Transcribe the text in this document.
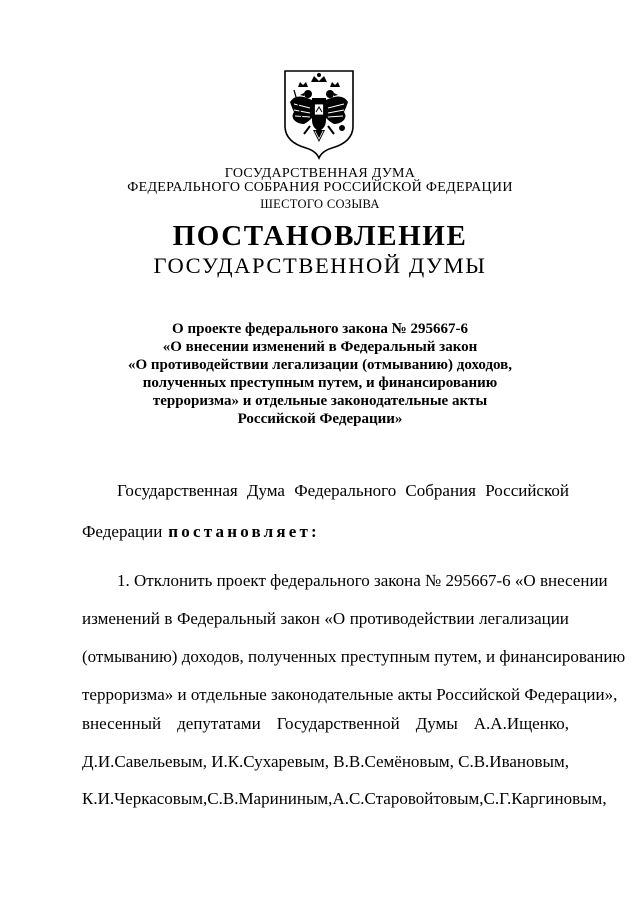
ГОСУДАРСТВЕННАЯ ДУМА
ФЕДЕРАЛЬНОГО СОБРАНИЯ РОССИЙСКОЙ ФЕДЕРАЦИИ
ШЕСТОГО СОЗЫВА
ПОСТАНОВЛЕНИЕ
ГОСУДАРСТВЕННОЙ ДУМЫ
О проекте федерального закона № 295667-6
«О внесении изменений в Федеральный закон
«О противодействии легализации (отмыванию) доходов,
полученных преступным путем, и финансированию
терроризма» и отдельные законодательные акты
Российской Федерации»
Государственная Дума Федерального Собрания Российской
Федерации постановляет:
1. Отклонить проект федерального закона № 295667-6 «О внесении
изменений в Федеральный закон «О противодействии легализации
(отмыванию) доходов, полученных преступным путем, и финансированию
терроризма» и отдельные законодательные акты Российской Федерации»,
внесенный депутатами Государственной Думы А.А.Ищенко,
Д.И.Савельевым, И.К.Сухаревым, В.В.Семёновым, С.В.Ивановым,
К.И.Черкасовым, С.В.Марининым, А.С.Старовойтовым, С.Г.Каргиновым,
